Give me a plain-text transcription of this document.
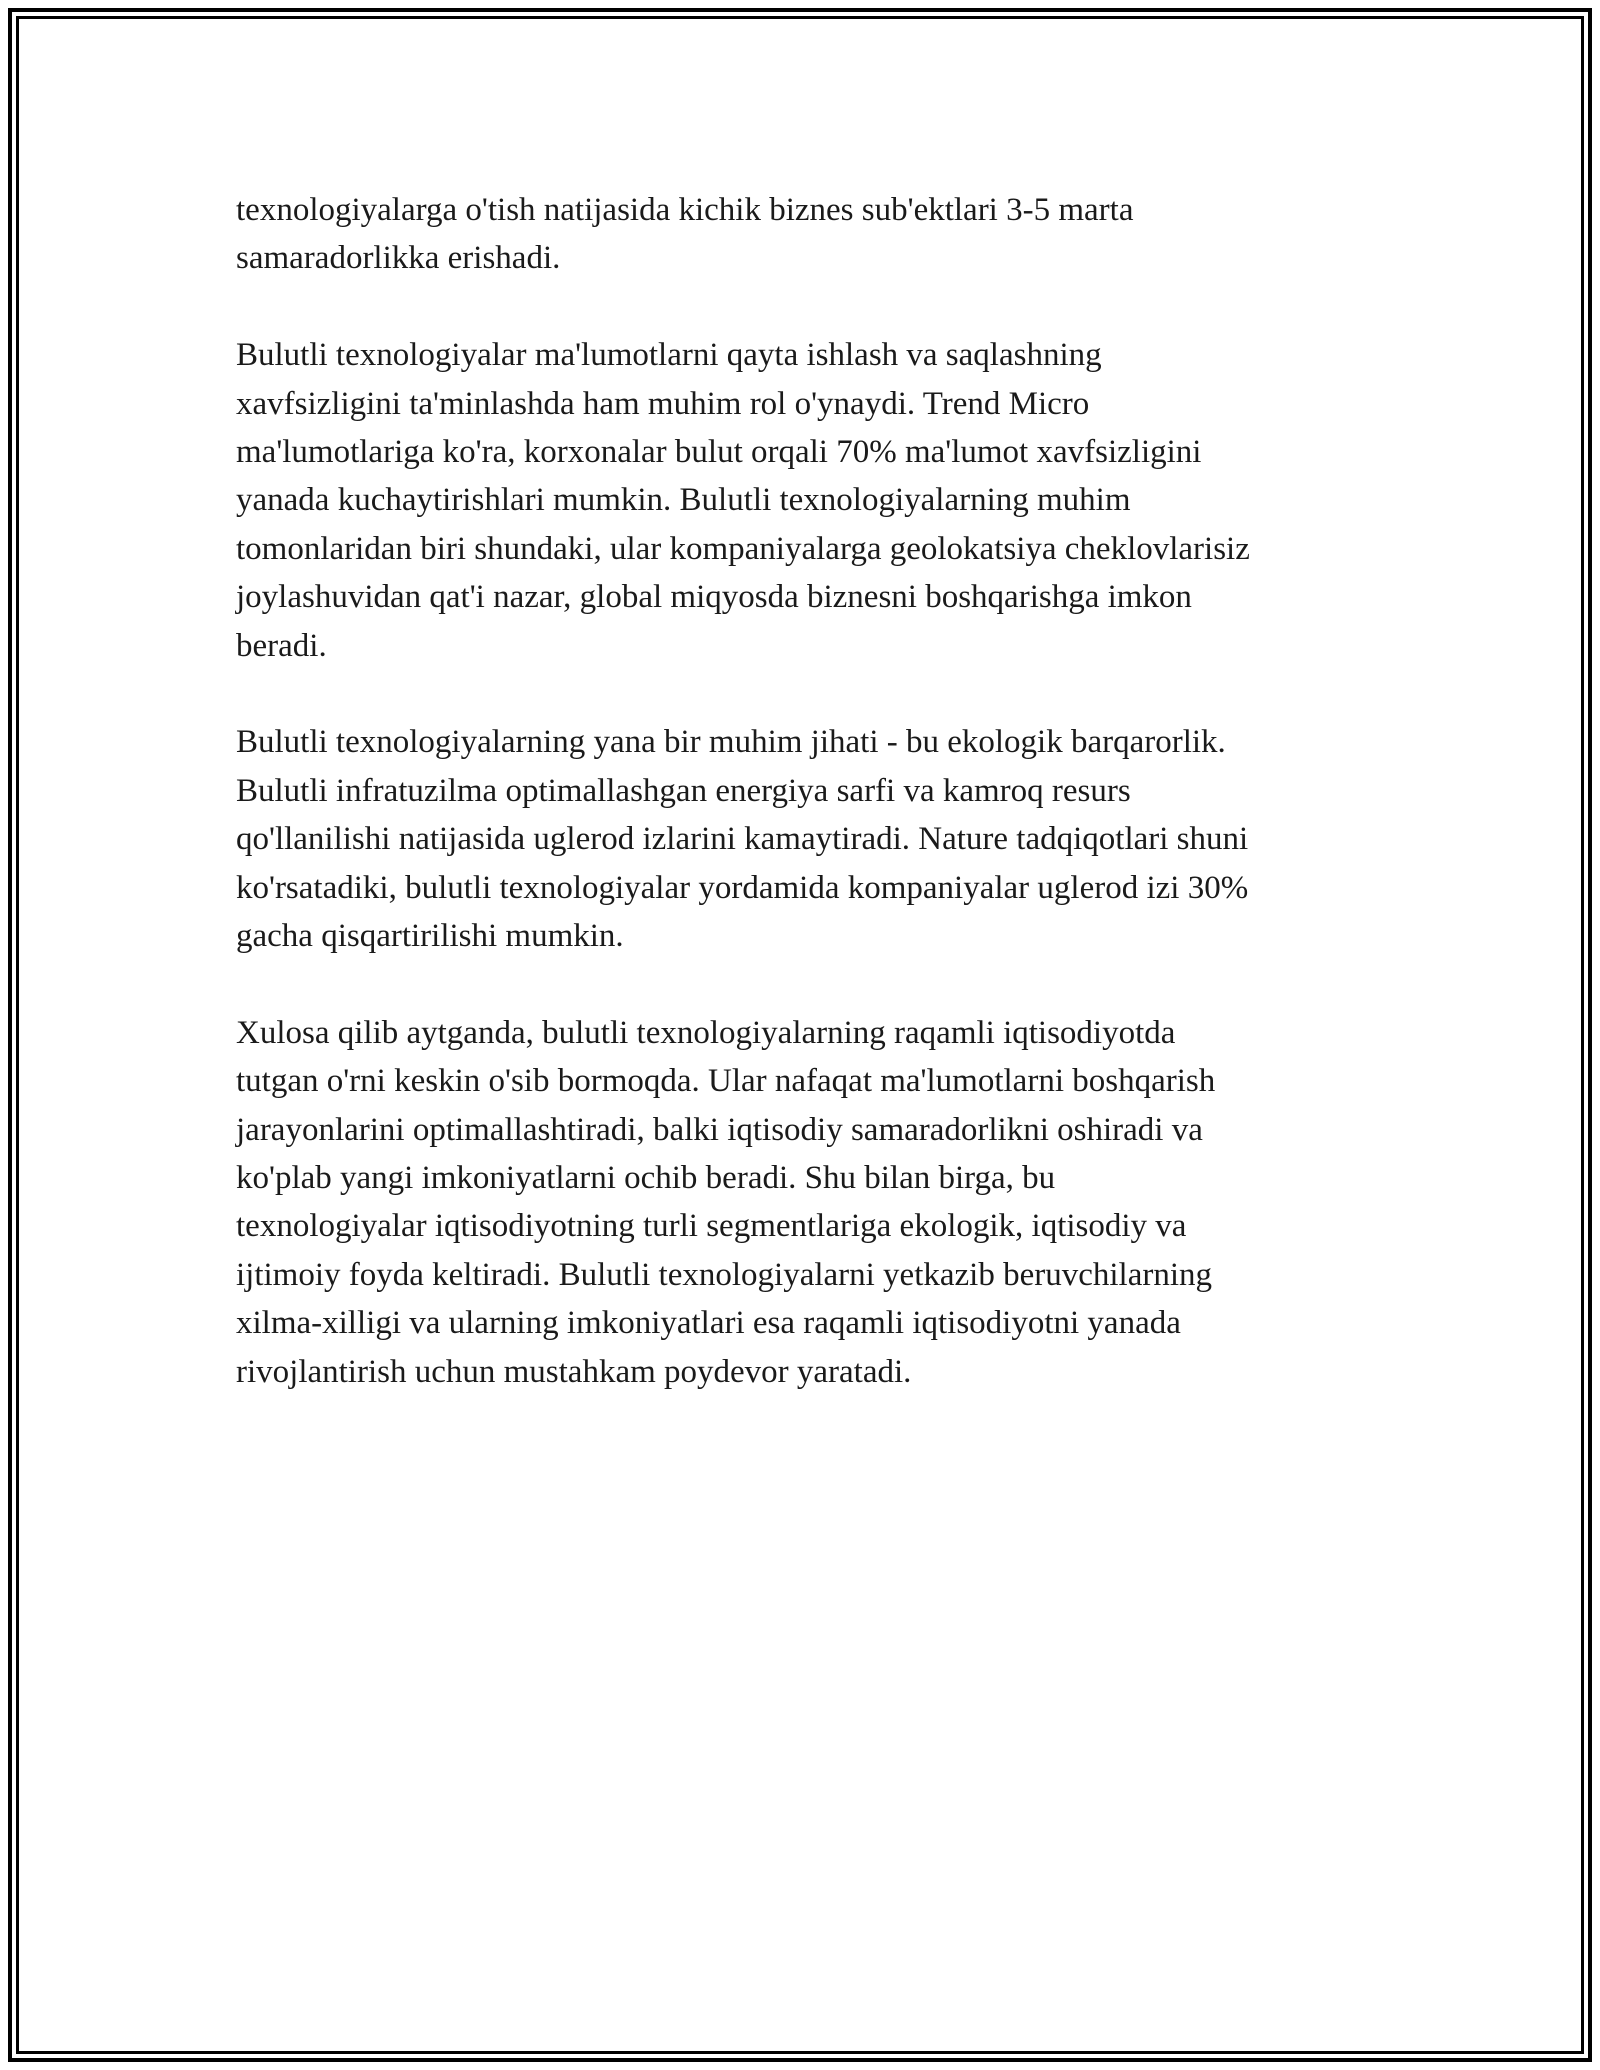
texnologiyalarga o'tish natijasida kichik biznes sub'ektlari 3-5 marta
samaradorlikka erishadi.

Bulutli texnologiyalar ma'lumotlarni qayta ishlash va saqlashning
xavfsizligini ta'minlashda ham muhim rol o'ynaydi. Trend Micro
ma'lumotlariga ko'ra, korxonalar bulut orqali 70% ma'lumot xavfsizligini
yanada kuchaytirishlari mumkin. Bulutli texnologiyalarning muhim
tomonlaridan biri shundaki, ular kompaniyalarga geolokatsiya cheklovlarisiz
joylashuvidan qat'i nazar, global miqyosda biznesni boshqarishga imkon
beradi.

Bulutli texnologiyalarning yana bir muhim jihati - bu ekologik barqarorlik.
Bulutli infratuzilma optimallashgan energiya sarfi va kamroq resurs
qo'llanilishi natijasida uglerod izlarini kamaytiradi. Nature tadqiqotlari shuni
ko'rsatadiki, bulutli texnologiyalar yordamida kompaniyalar uglerod izi 30%
gacha qisqartirilishi mumkin.

Xulosa qilib aytganda, bulutli texnologiyalarning raqamli iqtisodiyotda
tutgan o'rni keskin o'sib bormoqda. Ular nafaqat ma'lumotlarni boshqarish
jarayonlarini optimallashtiradi, balki iqtisodiy samaradorlikni oshiradi va
ko'plab yangi imkoniyatlarni ochib beradi. Shu bilan birga, bu
texnologiyalar iqtisodiyotning turli segmentlariga ekologik, iqtisodiy va
ijtimoiy foyda keltiradi. Bulutli texnologiyalarni yetkazib beruvchilarning
xilma-xilligi va ularning imkoniyatlari esa raqamli iqtisodiyotni yanada
rivojlantirish uchun mustahkam poydevor yaratadi.
